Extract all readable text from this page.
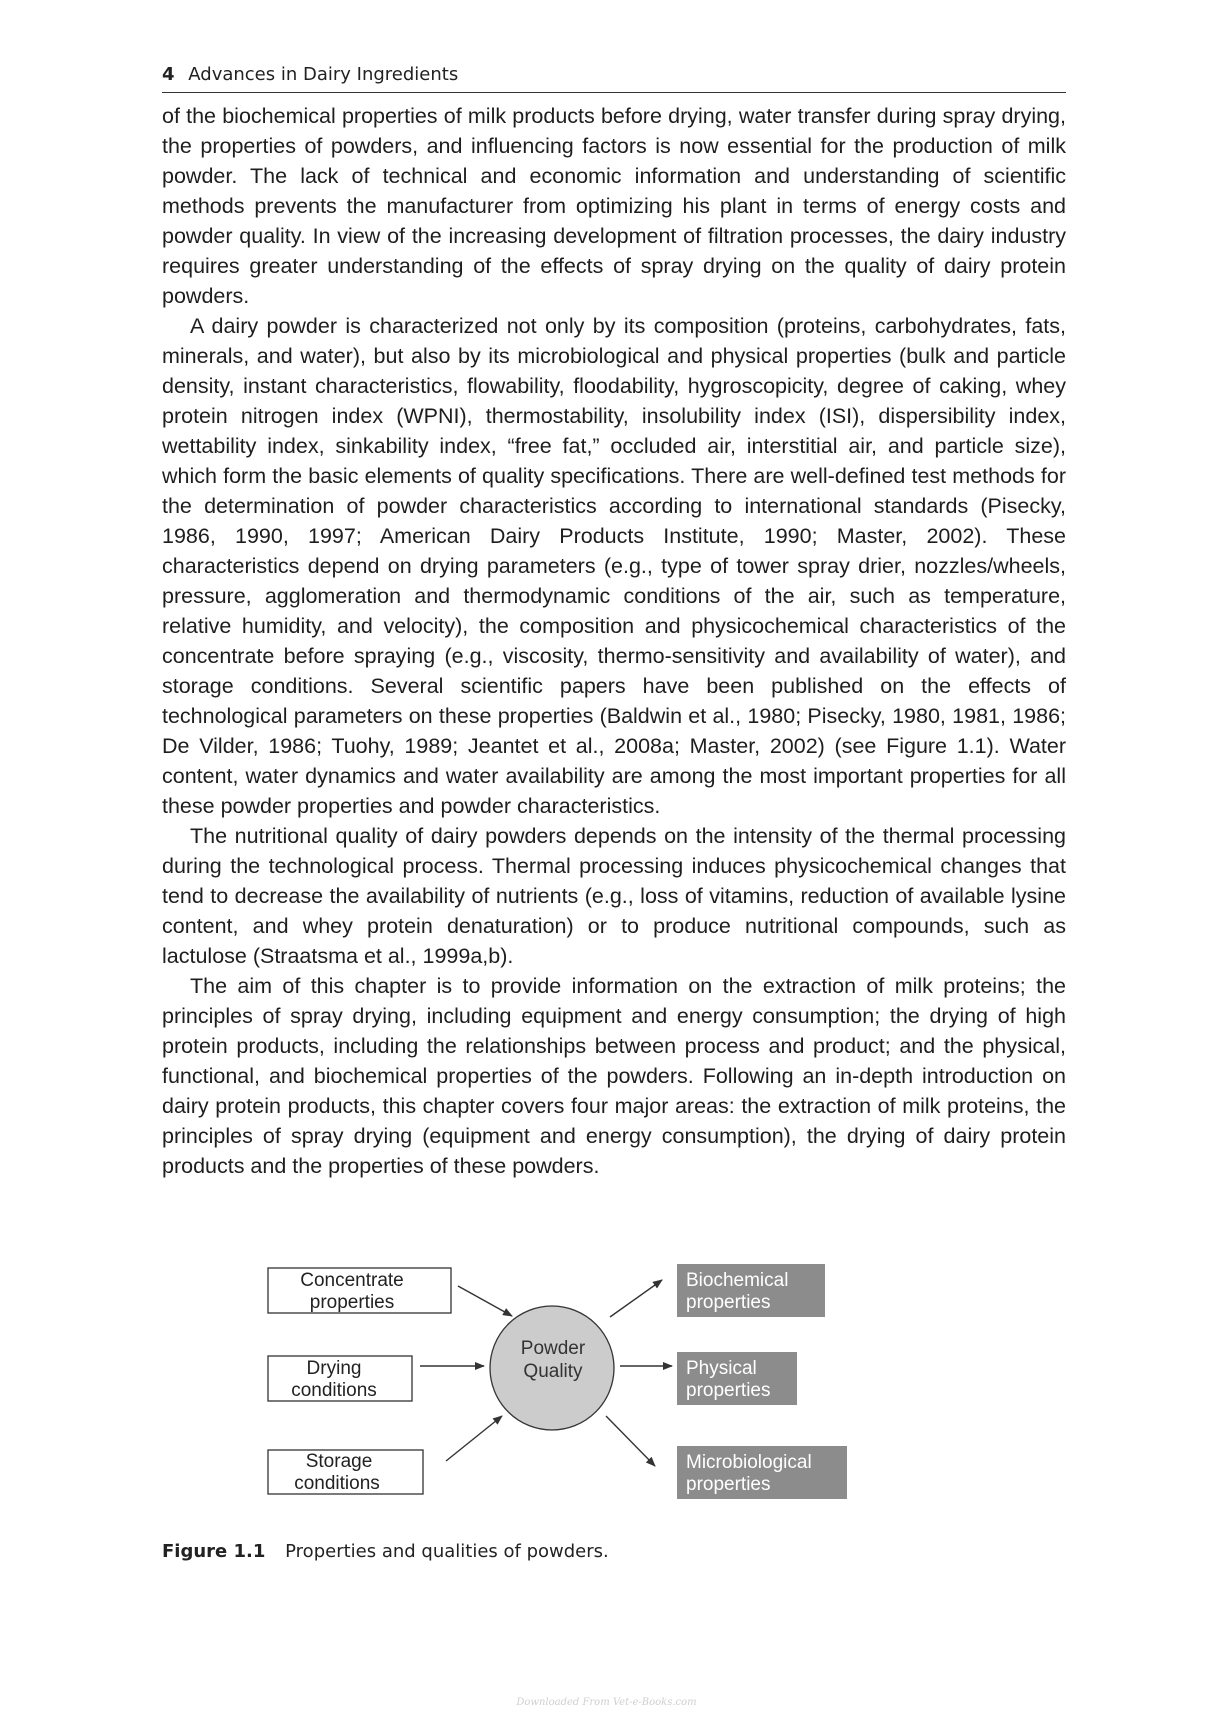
4 Advances in Dairy Ingredients

of the biochemical properties of milk products before drying, water transfer during spray drying, the properties of powders, and influencing factors is now essential for the production of milk powder. The lack of technical and economic information and understanding of scientific methods prevents the manufacturer from optimizing his plant in terms of energy costs and powder quality. In view of the increasing development of filtration processes, the dairy industry requires greater understanding of the effects of spray drying on the quality of dairy protein powders.

A dairy powder is characterized not only by its composition (proteins, carbohydrates, fats, minerals, and water), but also by its microbiological and physical properties (bulk and particle density, instant characteristics, flowability, floodability, hygroscopicity, degree of caking, whey protein nitrogen index (WPNI), thermostability, insolubility index (ISI), dispersibility index, wettability index, sinkability index, “free fat,” occluded air, interstitial air, and particle size), which form the basic elements of quality specifications. There are well-defined test methods for the determination of powder characteristics according to international standards (Pisecky, 1986, 1990, 1997; American Dairy Products Institute, 1990; Master, 2002). These characteristics depend on drying parameters (e.g., type of tower spray drier, nozzles/wheels, pressure, agglomeration and thermodynamic conditions of the air, such as temperature, relative humidity, and velocity), the composition and physicochemical characteristics of the concentrate before spraying (e.g., viscosity, thermo-sensitivity and availability of water), and storage conditions. Several scientific papers have been published on the effects of technological parameters on these properties (Baldwin et al., 1980; Pisecky, 1980, 1981, 1986; De Vilder, 1986; Tuohy, 1989; Jeantet et al., 2008a; Master, 2002) (see Figure 1.1). Water content, water dynamics and water availability are among the most important properties for all these powder properties and powder characteristics.

The nutritional quality of dairy powders depends on the intensity of the thermal processing during the technological process. Thermal processing induces physicochemical changes that tend to decrease the availability of nutrients (e.g., loss of vitamins, reduction of available lysine content, and whey protein denaturation) or to produce nutritional compounds, such as lactulose (Straatsma et al., 1999a,b).

The aim of this chapter is to provide information on the extraction of milk proteins; the principles of spray drying, including equipment and energy consumption; the drying of high protein products, including the relationships between process and product; and the physical, functional, and biochemical properties of the powders. Following an in-depth introduction on dairy protein products, this chapter covers four major areas: the extraction of milk proteins, the principles of spray drying (equipment and energy consumption), the drying of dairy protein products and the properties of these powders.

Concentrate
properties
Drying
conditions
Storage
conditions
Powder
Quality
Biochemical
properties
Physical
properties
Microbiological
properties
Figure 1.1 Properties and qualities of powders.
Downloaded From Vet-e-Books.com
